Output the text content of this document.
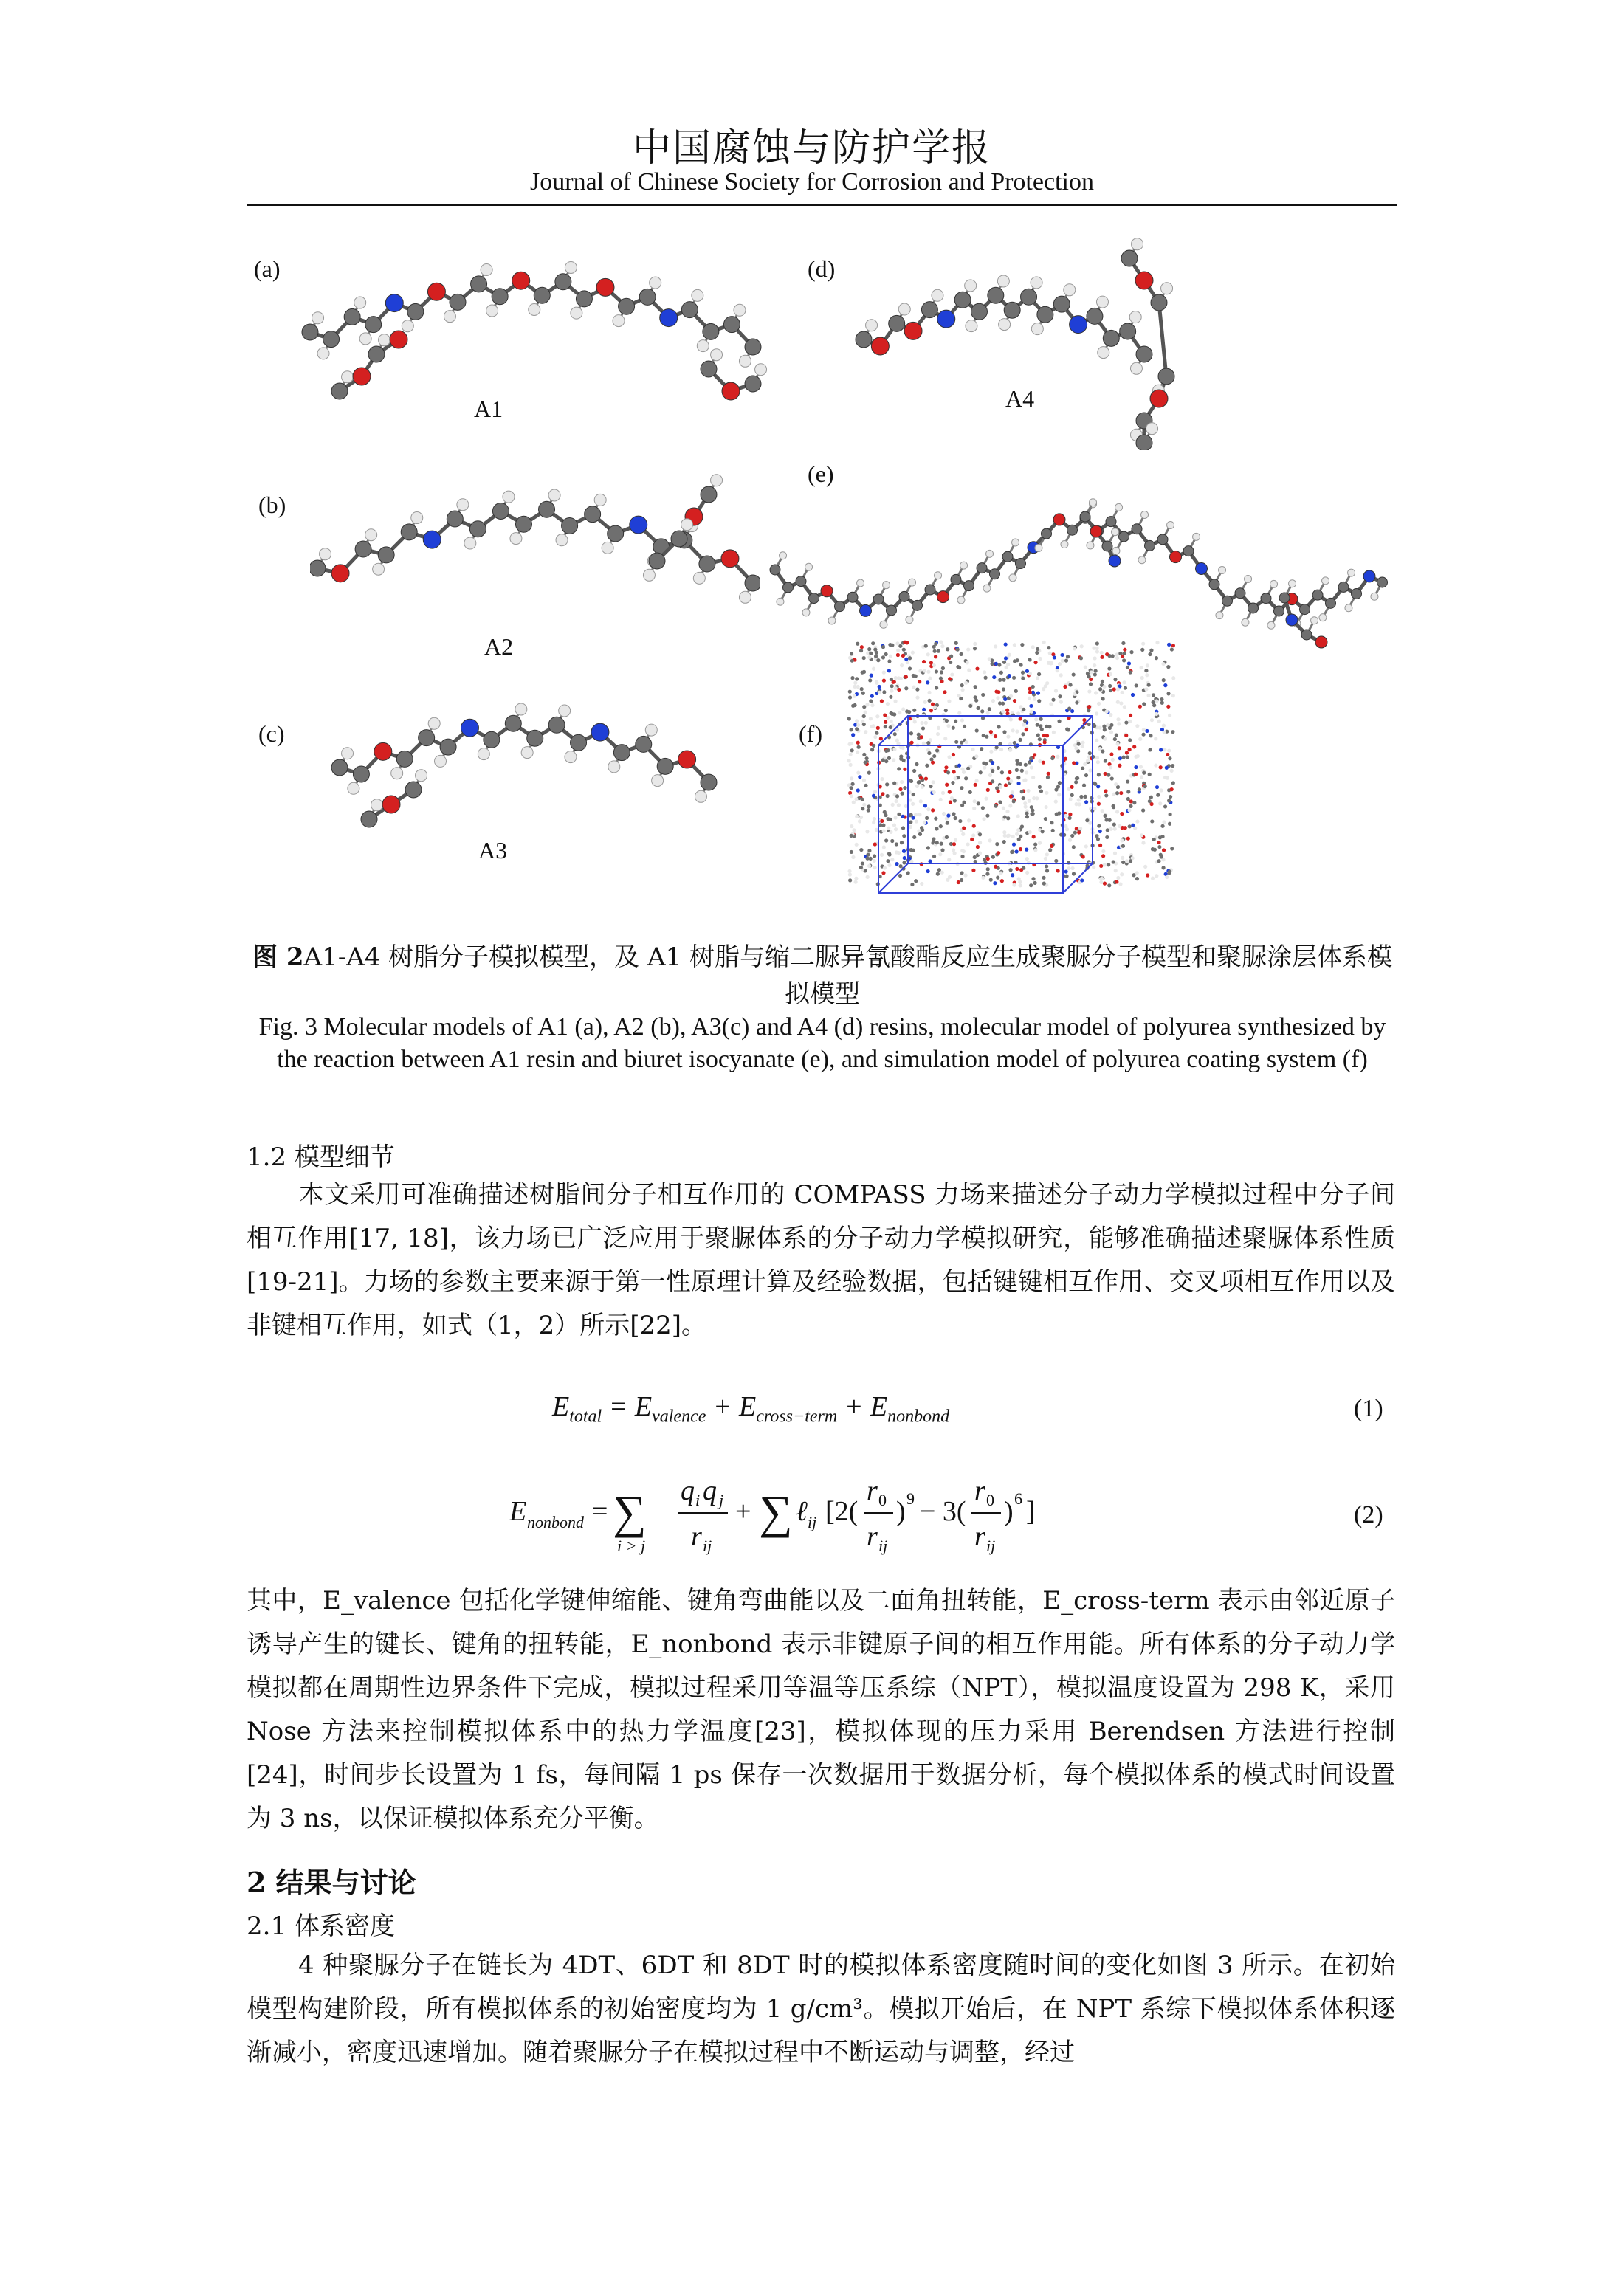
中国腐蚀与防护学报
Journal of Chinese Society for Corrosion and Protection
(a)
(b)
(c)
(d)
(e)
(f)
A1
A2
A3
A4
图 2A1-A4 树脂分子模拟模型，及 A1 树脂与缩二脲异氰酸酯反应生成聚脲分子模型和聚脲涂层体系模拟模型
Fig. 3 Molecular models of A1 (a), A2 (b), A3(c) and A4 (d) resins, molecular model of polyurea synthesized by the reaction between A1 resin and biuret isocyanate (e), and simulation model of polyurea coating system (f)
1.2 模型细节
本文采用可准确描述树脂间分子相互作用的 COMPASS 力场来描述分子动力学模拟过程中分子间相互作用[17, 18]，该力场已广泛应用于聚脲体系的分子动力学模拟研究，能够准确描述聚脲体系性质[19-21]。力场的参数主要来源于第一性原理计算及经验数据，包括键键相互作用、交叉项相互作用以及非键相互作用，如式（1，2）所示[22]。
$E_{total} = E_{valence} + E_{cross-term} + E_{nonbond}$	(1)
E nonbond = ∑
i > j
q i q j
r ij
+ ∑ ℓ ij [2(
r 0
r ij
) 9 − 3(
r 0
r ij
) 6 ]	(2)
其中，E_valence 包括化学键伸缩能、键角弯曲能以及二面角扭转能，E_cross-term 表示由邻近原子诱导产生的键长、键角的扭转能，E_nonbond 表示非键原子间的相互作用能。所有体系的分子动力学模拟都在周期性边界条件下完成，模拟过程采用等温等压系综（NPT），模拟温度设置为 298 K，采用 Nose 方法来控制模拟体系中的热力学温度[23]，模拟体现的压力采用 Berendsen 方法进行控制[24]，时间步长设置为 1 fs，每间隔 1 ps 保存一次数据用于数据分析，每个模拟体系的模式时间设置为 3 ns，以保证模拟体系充分平衡。
2 结果与讨论
2.1 体系密度
4 种聚脲分子在链长为 4DT、6DT 和 8DT 时的模拟体系密度随时间的变化如图 3 所示。在初始模型构建阶段，所有模拟体系的初始密度均为 1 g/cm³。模拟开始后，在 NPT 系综下模拟体系体积逐渐减小，密度迅速增加。随着聚脲分子在模拟过程中不断运动与调整，经过
